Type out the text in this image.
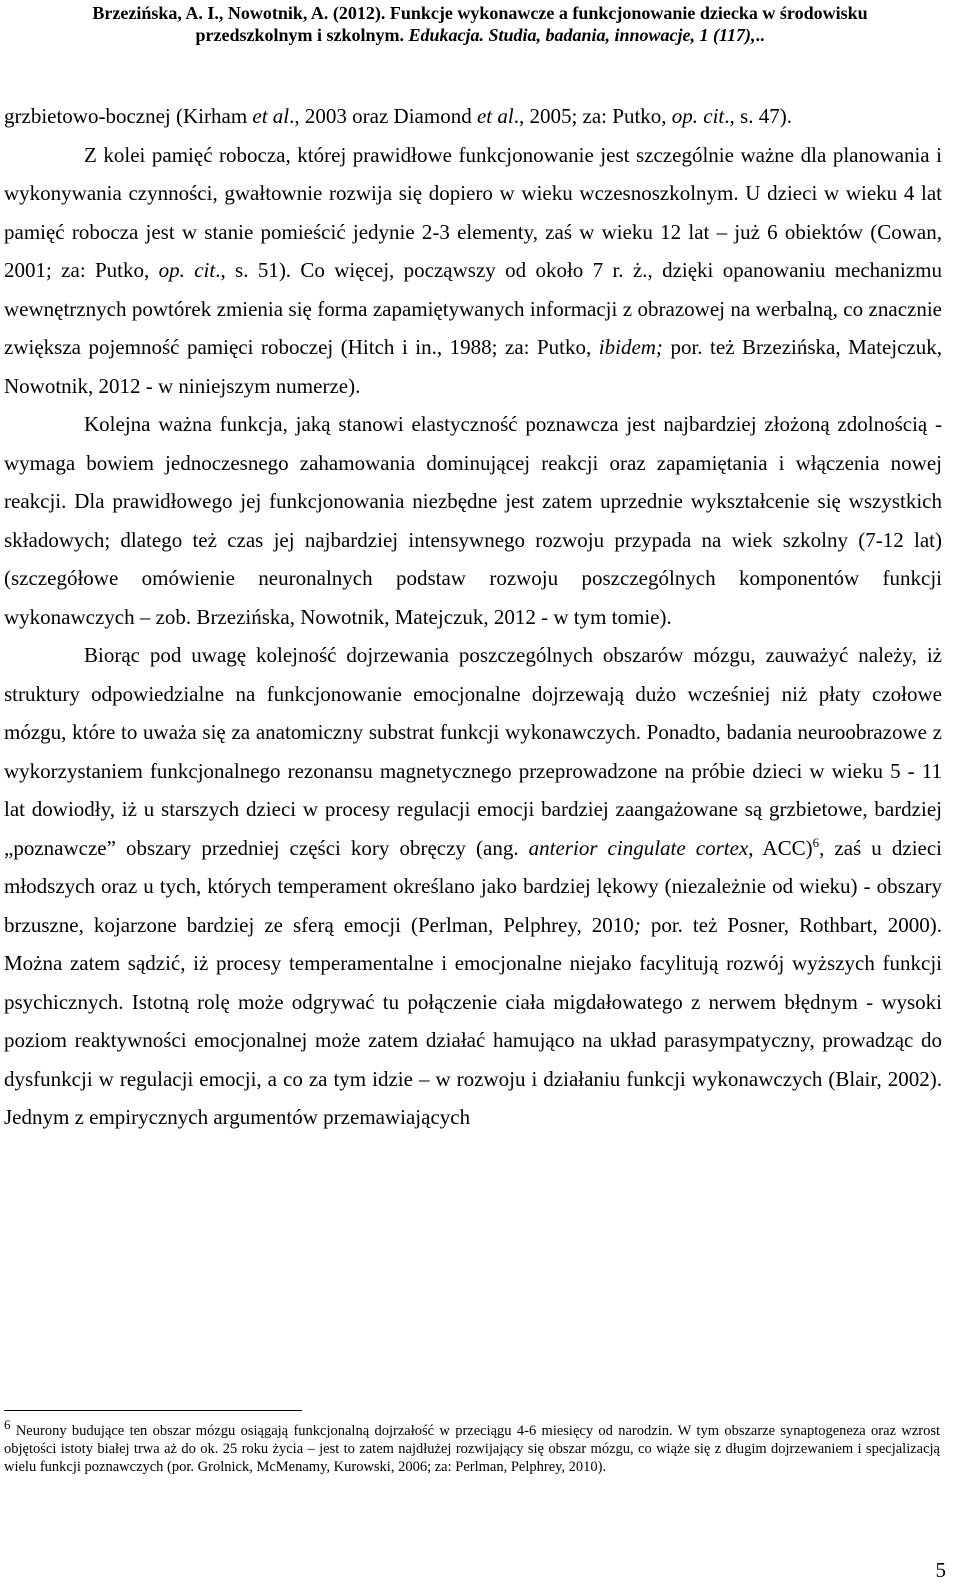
Brzezińska, A. I., Nowotnik, A. (2012). Funkcje wykonawcze a funkcjonowanie dziecka w środowisku
przedszkolnym i szkolnym. Edukacja. Studia, badania, innowacje, 1 (117),..

grzbietowo-bocznej (Kirham et al., 2003 oraz Diamond et al., 2005; za: Putko, op. cit., s. 47).

Z kolei pamięć robocza, której prawidłowe funkcjonowanie jest szczególnie ważne dla planowania i wykonywania czynności, gwałtownie rozwija się dopiero w wieku wczesnoszkolnym. U dzieci w wieku 4 lat pamięć robocza jest w stanie pomieścić jedynie 2-3 elementy, zaś w wieku 12 lat – już 6 obiektów (Cowan, 2001; za: Putko, op. cit., s. 51). Co więcej, począwszy od około 7 r. ż., dzięki opanowaniu mechanizmu wewnętrznych powtórek zmienia się forma zapamiętywanych informacji z obrazowej na werbalną, co znacznie zwiększa pojemność pamięci roboczej (Hitch i in., 1988; za: Putko, ibidem; por. też Brzezińska, Matejczuk, Nowotnik, 2012 - w niniejszym numerze).

Kolejna ważna funkcja, jaką stanowi elastyczność poznawcza jest najbardziej złożoną zdolnością - wymaga bowiem jednoczesnego zahamowania dominującej reakcji oraz zapamiętania i włączenia nowej reakcji. Dla prawidłowego jej funkcjonowania niezbędne jest zatem uprzednie wykształcenie się wszystkich składowych; dlatego też czas jej najbardziej intensywnego rozwoju przypada na wiek szkolny (7-12 lat) (szczegółowe omówienie neuronalnych podstaw rozwoju poszczególnych komponentów funkcji wykonawczych – zob. Brzezińska, Nowotnik, Matejczuk, 2012 - w tym tomie).

Biorąc pod uwagę kolejność dojrzewania poszczególnych obszarów mózgu, zauważyć należy, iż struktury odpowiedzialne na funkcjonowanie emocjonalne dojrzewają dużo wcześniej niż płaty czołowe mózgu, które to uważa się za anatomiczny substrat funkcji wykonawczych. Ponadto, badania neuroobrazowe z wykorzystaniem funkcjonalnego rezonansu magnetycznego przeprowadzone na próbie dzieci w wieku 5 - 11 lat dowiodły, iż u starszych dzieci w procesy regulacji emocji bardziej zaangażowane są grzbietowe, bardziej „poznawcze” obszary przedniej części kory obręczy (ang. anterior cingulate cortex, ACC)$^6$, zaś u dzieci młodszych oraz u tych, których temperament określano jako bardziej lękowy (niezależnie od wieku) - obszary brzuszne, kojarzone bardziej ze sferą emocji (Perlman, Pelphrey, 2010; por. też Posner, Rothbart, 2000). Można zatem sądzić, iż procesy temperamentalne i emocjonalne niejako facylitują rozwój wyższych funkcji psychicznych. Istotną rolę może odgrywać tu połączenie ciała migdałowatego z nerwem błędnym - wysoki poziom reaktywności emocjonalnej może zatem działać hamująco na układ parasympatyczny, prowadząc do dysfunkcji w regulacji emocji, a co za tym idzie – w rozwoju i działaniu funkcji wykonawczych (Blair, 2002). Jednym z empirycznych argumentów przemawiających

6 Neurony budujące ten obszar mózgu osiągają funkcjonalną dojrzałość w przeciągu 4-6 miesięcy od narodzin. W tym obszarze synaptogeneza oraz wzrost objętości istoty białej trwa aż do ok. 25 roku życia – jest to zatem najdłużej rozwijający się obszar mózgu, co wiąże się z długim dojrzewaniem i specjalizacją wielu funkcji poznawczych (por. Grolnick, McMenamy, Kurowski, 2006; za: Perlman, Pelphrey, 2010).

5
